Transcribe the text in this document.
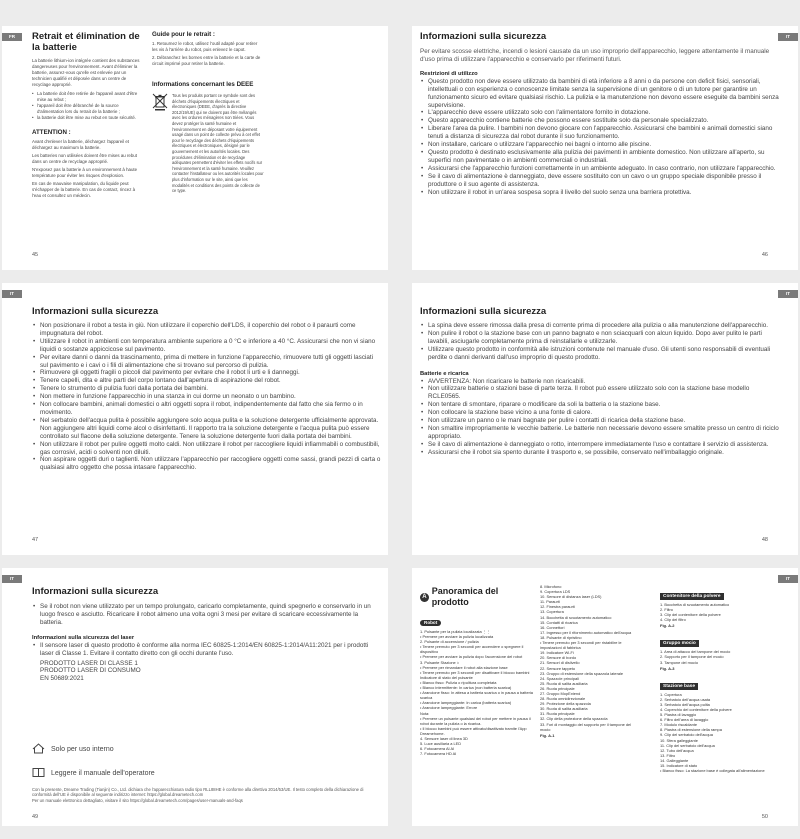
FR	Retrait et élimination de la batterie
La batterie lithium-ion intégrée contient des substances dangereuses pour l'environnement. Avant d'éliminer la batterie, assurez-vous qu'elle est enlevée par un technicien qualifié et déposée dans un centre de recyclage approprié.
• La batterie doit être retirée de l'appareil avant d'être mise au rebut ;
• l'appareil doit être débranché de la source d'alimentation lors du retrait de la batterie ;
• la batterie doit être mise au rebut en toute sécurité.
ATTENTION :

Avant d'enlever la batterie, déchargez l'appareil et déchargez au maximum la batterie.

Les batteries non utilisées doivent être mises au rebut dans un centre de recyclage approprié.

N'exposez pas la batterie à un environnement à haute température pour éviter les risques d'explosion.

En cas de mauvaise manipulation, du liquide peut s'échapper de la batterie. En cas de contact, rincez à l'eau et consultez un médecin.

Guide pour le retrait :

1. Retournez le robot, utilisez l'outil adapté pour retirer les vis à l'arrière du robot, puis enlevez le capot.

2. Débranchez les bornes entre la batterie et la carte de circuit imprimé pour retirer la batterie.

Informations concernant les DEEE
Tous les produits portant ce symbole sont des déchets d'équipements électriques et électroniques (DEEE, d'après la directive 2012/19/UE) qui ne doivent pas être mélangés avec les ordures ménagères non triées. Vous devez protéger la santé humaine et l'environnement en déposant votre équipement usagé dans un point de collecte prévu à cet effet pour le recyclage des déchets d'équipements électriques et électroniques, désigné par le gouvernement et les autorités locales. Des procédures d'élimination et de recyclage adéquates permettent d'éviter les effets nocifs sur l'environnement et la santé humaine. Veuillez contacter l'installateur ou les autorités locales pour plus d'information sur le site, ainsi que les modalités et conditions des points de collecte de ce type.
45
IT
Informazioni sulla sicurezza
Per evitare scosse elettriche, incendi o lesioni causate da un uso improprio dell'apparecchio, leggere attentamente il manuale d'uso prima di utilizzare l'apparecchio e conservarlo per riferimenti futuri.
Restrizioni di utilizzo
• Questo prodotto non deve essere utilizzato da bambini di età inferiore a 8 anni o da persone con deficit fisici, sensoriali, intellettuali o con esperienza o conoscenze limitate senza la supervisione di un genitore o di un tutore per garantire un funzionamento sicuro ed evitare qualsiasi rischio. La pulizia e la manutenzione non devono essere eseguite da bambini senza supervisione.
• L'apparecchio deve essere utilizzato solo con l'alimentatore fornito in dotazione.
• Questo apparecchio contiene batterie che possono essere sostituite solo da personale specializzato.
• Liberare l'area da pulire. I bambini non devono giocare con l'apparecchio. Assicurarsi che bambini e animali domestici siano tenuti a distanza di sicurezza dal robot durante il suo funzionamento.
• Non installare, caricare o utilizzare l'apparecchio nei bagni o intorno alle piscine.
• Questo prodotto è destinato esclusivamente alla pulizia dei pavimenti in ambiente domestico. Non utilizzare all'aperto, su superfici non pavimentate o in ambienti commerciali o industriali.
• Assicurarsi che l'apparecchio funzioni correttamente in un ambiente adeguato. In caso contrario, non utilizzare l'apparecchio.
• Se il cavo di alimentazione è danneggiato, deve essere sostituito con un cavo o un gruppo speciale disponibile presso il produttore o il suo agente di assistenza.
• Non utilizzare il robot in un'area sospesa sopra il livello del suolo senza una barriera protettiva.
46
IT
Informazioni sulla sicurezza
• Non posizionare il robot a testa in giù. Non utilizzare il coperchio dell'LDS, il coperchio del robot o il paraurti come impugnatura del robot.
• Utilizzare il robot in ambienti con temperatura ambiente superiore a 0 °C e inferiore a 40 °C. Assicurarsi che non vi siano liquidi o sostanze appiccicose sul pavimento.
• Per evitare danni o danni da trascinamento, prima di mettere in funzione l'apparecchio, rimuovere tutti gli oggetti lasciati sul pavimento e i cavi o i fili di alimentazione che si trovano sul percorso di pulizia.
• Rimuovere gli oggetti fragili o piccoli dal pavimento per evitare che il robot li urti e li danneggi.
• Tenere capelli, dita e altre parti del corpo lontano dall'apertura di aspirazione del robot.
• Tenere lo strumento di pulizia fuori dalla portata dei bambini.
• Non mettere in funzione l'apparecchio in una stanza in cui dorme un neonato o un bambino.
• Non collocare bambini, animali domestici o altri oggetti sopra il robot, indipendentemente dal fatto che sia fermo o in movimento.
• Nel serbatoio dell'acqua pulita è possibile aggiungere solo acqua pulita e la soluzione detergente ufficialmente approvata. Non aggiungere altri liquidi come alcol o disinfettanti. Il rapporto tra la soluzione detergente e l'acqua pulita può essere controllato sul flacone della soluzione detergente. Tenere la soluzione detergente fuori dalla portata dei bambini.
• Non utilizzare il robot per pulire oggetti molto caldi. Non utilizzare il robot per raccogliere liquidi infiammabili o combustibili, gas corrosivi, acidi o solventi non diluiti.
• Non aspirare oggetti duri o taglienti. Non utilizzare l'apparecchio per raccogliere oggetti come sassi, grandi pezzi di carta o qualsiasi altro oggetto che possa intasare l'apparecchio.
47
IT
Informazioni sulla sicurezza
• La spina deve essere rimossa dalla presa di corrente prima di procedere alla pulizia o alla manutenzione dell'apparecchio.
• Non pulire il robot o la stazione base con un panno bagnato e non sciacquarli con alcun liquido. Dopo aver pulito le parti lavabili, asciugarle completamente prima di reinstallarle e utilizzarle.
• Utilizzare questo prodotto in conformità alle istruzioni contenute nel manuale d'uso. Gli utenti sono responsabili di eventuali perdite o danni derivanti dall'uso improprio di questo prodotto.
Batterie e ricarica
• AVVERTENZA: Non ricaricare le batterie non ricaricabili.
• Non utilizzare batterie o stazioni base di parte terza. Il robot può essere utilizzato solo con la stazione base modello RCLE0565.
• Non tentare di smontare, riparare o modificare da soli la batteria o la stazione base.
• Non collocare la stazione base vicino a una fonte di calore.
• Non utilizzare un panno o le mani bagnate per pulire i contatti di ricarica della stazione base.
• Non smaltire impropriamente le vecchie batterie. Le batterie non necessarie devono essere smaltite presso un centro di riciclo appropriato.
• Se il cavo di alimentazione è danneggiato o rotto, interrompere immediatamente l'uso e contattare il servizio di assistenza.
• Assicurarsi che il robot sia spento durante il trasporto e, se possibile, conservato nell'imballaggio originale.
48
IT
Informazioni sulla sicurezza
• Se il robot non viene utilizzato per un tempo prolungato, caricarlo completamente, quindi spegnerlo e conservarlo in un luogo fresco e asciutto. Ricaricare il robot almeno una volta ogni 3 mesi per evitare di scaricare eccessivamente la batteria.
Informazioni sulla sicurezza del laser
• Il sensore laser di questo prodotto è conforme alla norma IEC 60825-1:2014/EN 60825-1:2014/A11:2021 per i prodotti laser di Classe 1. Evitare il contatto diretto con gli occhi durante l'uso.
PRODOTTO LASER DI CLASSE 1
PRODOTTO LASER DI CONSUMO
EN 50689:2021
Solo per uso interno
Leggere il manuale dell'operatore
Con la presente, Dreame Trading (Tianjin) Co., Ltd. dichiara che l'apparecchiatura radio tipo RLL88HE è conforme alla direttiva 2014/53/UE. Il testo completo della dichiarazione di conformità dell'UE è disponibile al seguente indirizzo internet: https://global.dreametech.com
Per un manuale elettronico dettagliato, visitare il sito https://global.dreametech.com/pages/user-manuals-and-faqs
49
IT
A
Panoramica del prodotto
Robot
1. Pulsante per la pulizia localizzata ⋮⋮
• Premere per avviare la pulizia localizzata
2. Pulsante di accensione / pulizia
• Tenere premuto per 3 secondi per accendere o spegnere il dispositivo
• Premere per avviare la pulizia dopo l'accensione del robot
3. Pulsante Stazione ⌂
• Premere per rimandare il robot alla stazione base
• Tenere premuto per 3 secondi per disattivare il blocco bambini
Indicatore di stato del pulsante
• Bianco fisso: Pulizia o ripulitura completata
• Bianco intermittente: In carica (non batteria scarica)
• Arancione fisso: In attesa a batteria scarica o in pausa a batteria scarica
• Arancione lampeggiante: In carica (batteria scarica)
• Arancione lampeggiante: Errore
Nota:
• Premere un pulsante qualsiasi dei robot per mettere in pausa il robot durante la pulizia o la ricarica.
• Il blocco bambini può essere attivato/disattivato tramite l'App Dreamehome.
4. Sensore laser di linea 3D
5. Luce ausiliaria a LED
6. Fotocamera AI AI
7. Fotocamera HD AI
8. Microfono
9. Copertura LDS
10. Sensore di distanza laser (LDS)
11. Paraurti
12. Finestra paraurti
13. Copertura
14. Bocchetta di svuotamento automatico
15. Contatti di ricarica
16. Connettori
17. Ingresso per il rifornimento automatico dell'acqua
18. Pulsante di ripristino
• Tenere premuto per 3 secondi per ristabilire le impostazioni di fabbrica
19. Indicatore Wi-Fi
20. Sensore di bordo
21. Sensori di dislivello
22. Sensore tappeto
23. Gruppo di estensione della spazzola laterale
24. Spazzole principali
25. Ruota di salita ausiliaria
26. Ruota principale
27. Gruppo MopExtend
28. Ruota omnidirezionale
29. Protezione della spazzola
30. Ruota di salita ausiliaria
31. Ruota principale
32. Clip della protezione della spazzola
33. Fori di montaggio del supporto per il tampone del mocio
Fig. A-1
Contenitore della polvere
1. Bocchetta di svuotamento automatico
2. Filtro
3. Clip del contenitore della polvere
4. Clip del filtro
Fig. A-2
Gruppo mocio
1. Area di attacco del tampone del mocio
2. Supporto per il tampone del mocio
3. Tampone del mocio
Fig. A-3
Stazione base
1. Copertura
2. Serbatoio dell'acqua usata
3. Serbatoio dell'acqua pulita
4. Coperchio del contenitore della polvere
5. Piastra di lavaggio
6. Filtro dell'area di lavaggio
7. Modulo riscaldante
8. Piastra di estensione della rampa
9. Clip del serbatoio dell'acqua
10. Sfera galleggiante
11. Clip del serbatoio dell'acqua
12. Tubo dell'acqua
13. Filtro
14. Galleggiante
15. Indicatore di stato
• Bianco fisso: La stazione base è collegata all'alimentazione
50
